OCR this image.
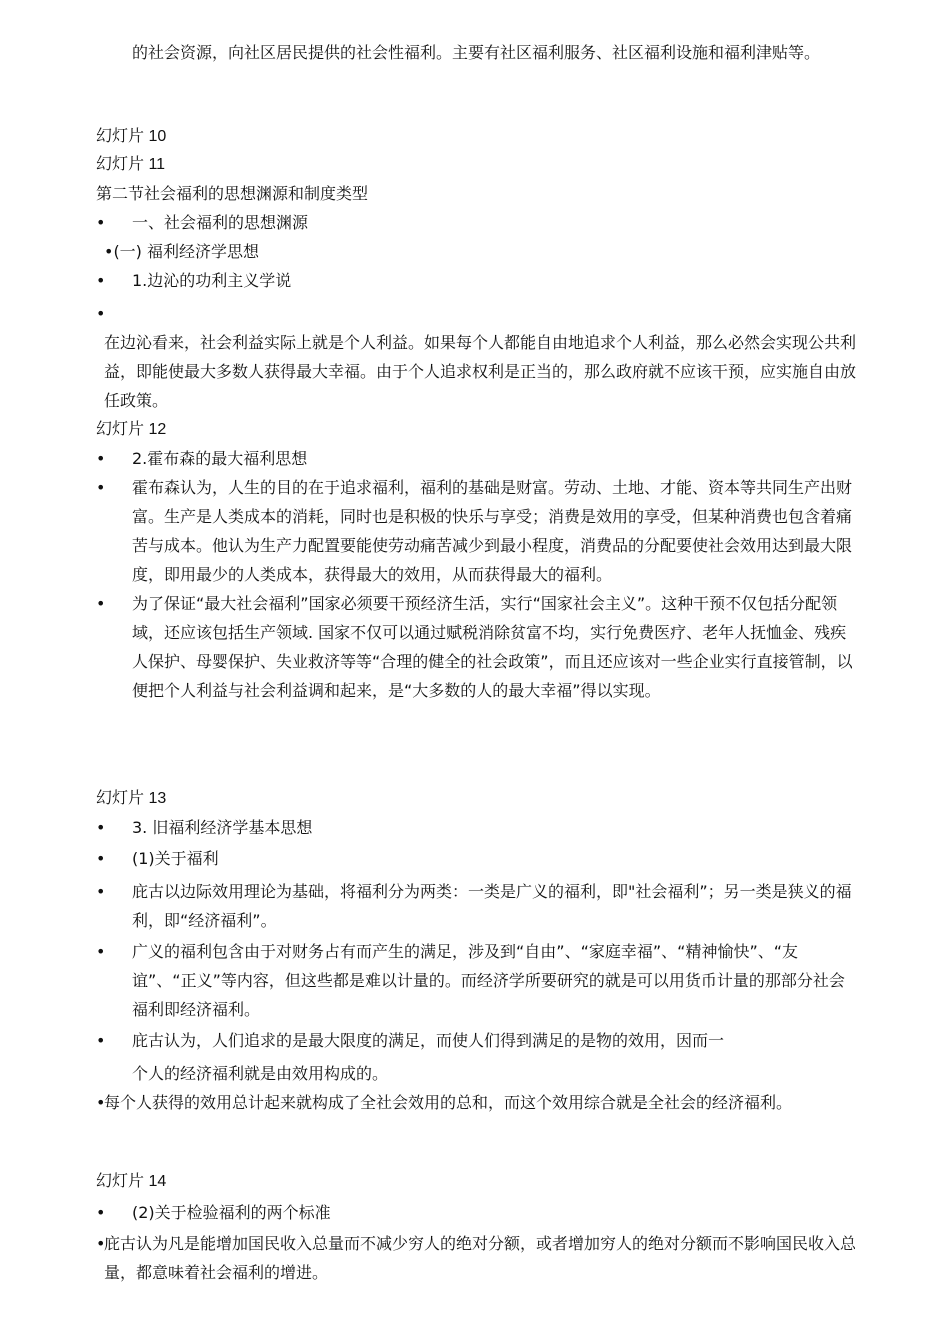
的社会资源，向社区居民提供的社会性福利。主要有社区福利服务、社区福利设施和福利津贴等。

幻灯片 10

幻灯片 11

第二节社会福利的思想渊源和制度类型

• 一、社会福利的思想渊源

•(一) 福利经济学思想

• 1.边沁的功利主义学说

•
在边沁看来，社会利益实际上就是个人利益。如果每个人都能自由地追求个人利益，那么必然会实现公共利益，即能使最大多数人获得最大幸福。由于个人追求权利是正当的，那么政府就不应该干预，应实施自由放任政策。

幻灯片 12

• 2.霍布森的最大福利思想

• 霍布森认为，人生的目的在于追求福利，福利的基础是财富。劳动、土地、才能、资本等共同生产出财富。生产是人类成本的消耗，同时也是积极的快乐与享受；消费是效用的享受，但某种消费也包含着痛苦与成本。他认为生产力配置要能使劳动痛苦减少到最小程度，消费品的分配要使社会效用达到最大限度，即用最少的人类成本，获得最大的效用，从而获得最大的福利。

• 为了保证“最大社会福利”国家必须要干预经济生活，实行“国家社会主义”。这种干预不仅包括分配领域，还应该包括生产领域. 国家不仅可以通过赋税消除贫富不均，实行免费医疗、老年人抚恤金、残疾人保护、母婴保护、失业救济等等“合理的健全的社会政策”，而且还应该对一些企业实行直接管制，以便把个人利益与社会利益调和起来，是“大多数的人的最大幸福”得以实现。

幻灯片 13

• 3. 旧福利经济学基本思想

• (1)关于福利

• 庇古以边际效用理论为基础，将福利分为两类：一类是广义的福利，即"社会福利”；另一类是狭义的福利，即“经济福利”。

• 广义的福利包含由于对财务占有而产生的满足，涉及到“自由”、“家庭幸福”、“精神愉快”、“友谊”、“正义”等内容，但这些都是难以计量的。而经济学所要研究的就是可以用货币计量的那部分社会福利即经济福利。

• 庇古认为，人们追求的是最大限度的满足，而使人们得到满足的是物的效用，因而一

个人的经济福利就是由效用构成的。

•
每个人获得的效用总计起来就构成了全社会效用的总和，而这个效用综合就是全社会的经济福利。

幻灯片 14

• (2)关于检验福利的两个标准

•
庇古认为凡是能增加国民收入总量而不减少穷人的绝对分额，或者增加穷人的绝对分额而不影响国民收入总量，都意味着社会福利的增进。
